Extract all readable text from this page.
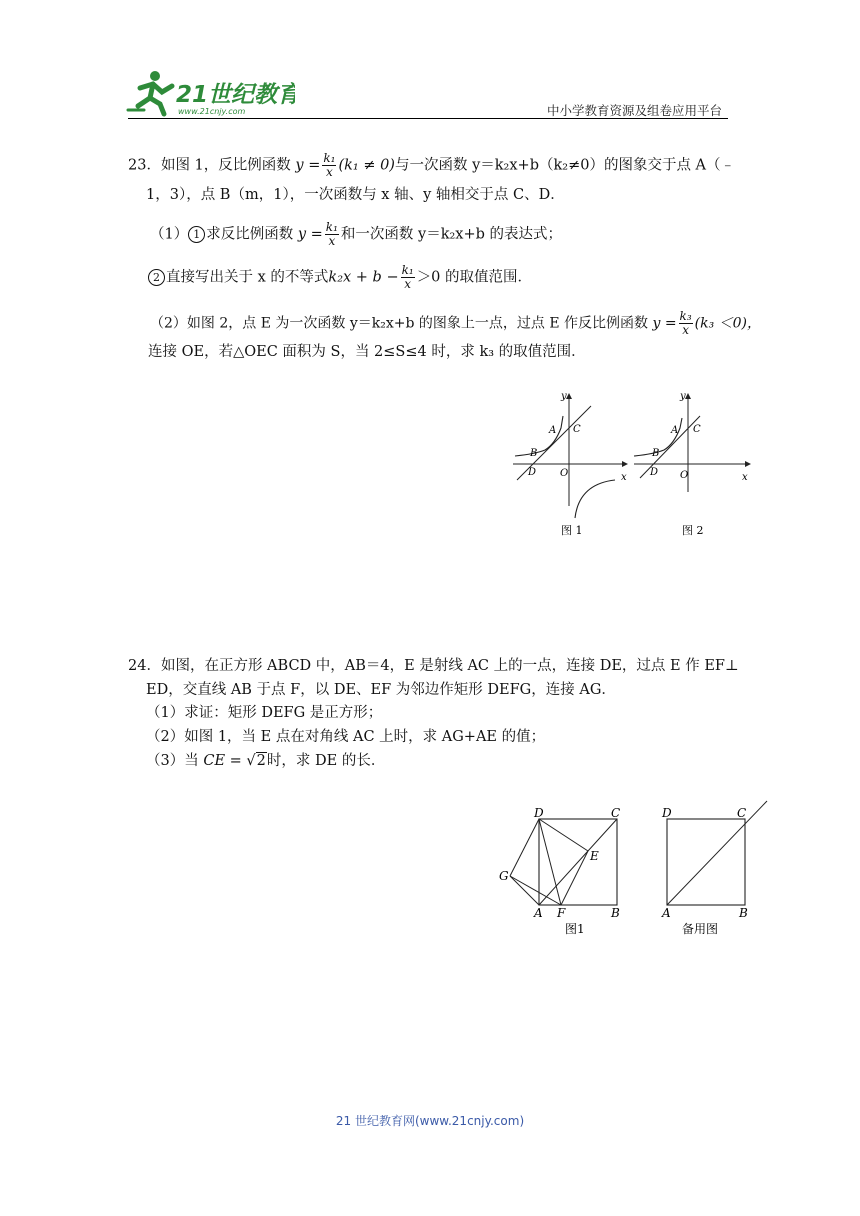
21世纪教育
www.21cnjy.com	中小学教育资源及组卷应用平台
23．如图 1，反比例函数 $y = \frac{\text{k₁}}{x} (k_1 \ne 0)$与一次函数 y＝k₂x+b（k₂≠0）的图象交于点 A（﹣
1，3），点 B（m，1），一次函数与 x 轴、y 轴相交于点 C、D．
（1） 1 求反比例函数 $y = \frac{\text{k₁}}{x}$ 和一次函数 y＝k₂x+b 的表达式；
2 直接写出关于 x 的不等式$k_2x + b - \frac{\text{k₁}}{x} >0$ 的取值范围．
（2）如图 2，点 E 为一次函数 y＝k₂x+b 的图象上一点，过点 E 作反比例函数 $y = \frac{\text{k₃}}{x} (k_3 <0)$，
连接 OE，若△OEC 面积为 S，当 2≤S≤4 时，求 k₃ 的取值范围．
y
x
A
B
C
D O
图 1
y
x
A
B
C
D O
图 2
24．如图，在正方形 ABCD 中，AB＝4，E 是射线 AC 上的一点，连接 DE，过点 E 作 EF⊥
ED，交直线 AB 于点 F，以 DE、EF 为邻边作矩形 DEFG，连接 AG．
（1）求证：矩形 DEFG 是正方形；
（2）如图 1，当 E 点在对角线 AC 上时，求 AG+AE 的值；
（3）当 CE = √2时，求 DE 的长．
D	C
E
G
A F	B
图1
D	C
A	B
备用图
21 世纪教育网(www.21cnjy.com)
